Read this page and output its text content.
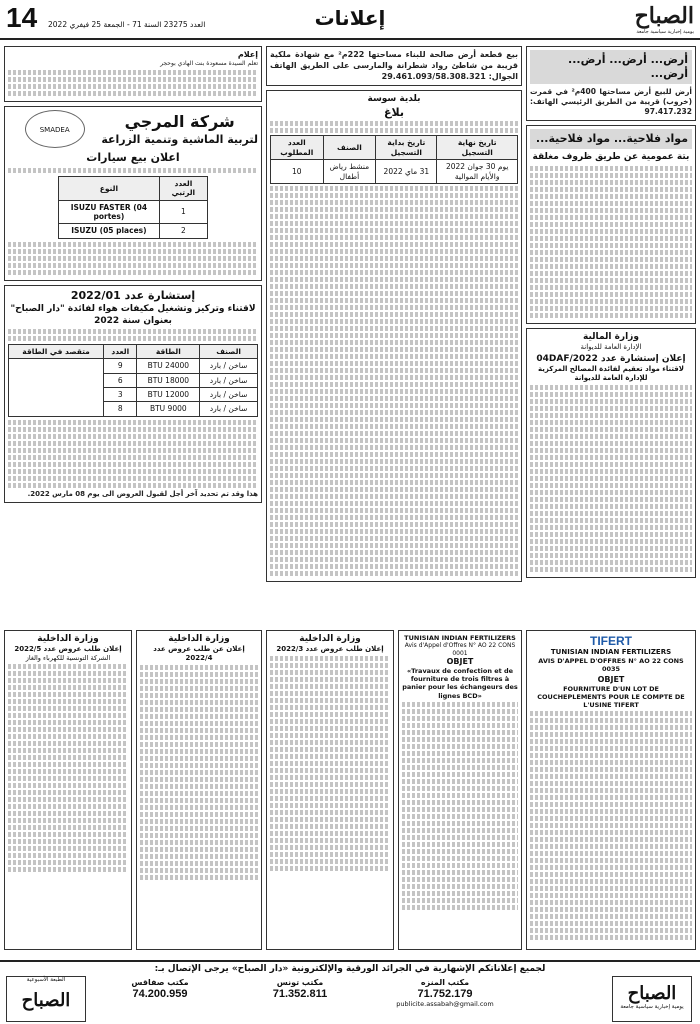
14 العدد 23275 السنة 71 - الجمعة 25 فيفري 2022	إعلانات	الصباح
يومية إخبارية سياسية جامعة
أرض... أرض... أرض... أرض...
أرض للبيع أرض مساحتها 400م² في قمرت (خروب) قريبة من الطريق الرئيسي الهاتف: 97.417.232
مواد فلاحية... مواد فلاحية...
بتة عمومية عن طريق ظروف مغلقة
وزارة المالية
الإدارة العامة للديوانة
إعلان إستشارة عدد 04DAF/2022
لاقتناء مواد تعقيم لفائدة المصالح المركزية للإدارة العامة للديوانة
بيع قطعة أرض صالحة للبناء مساحتها 222م² مع شهادة ملكية قريبة من شاطئ رواد شطرانة والمارسى على الطريق الهاتف الجوال: 29.461.093/58.308.321
بلدية سوسة
بلاغ
تاريخ نهاية التسجيل	تاريخ بداية التسجيل	الصنف	العدد المطلوب
يوم 30 جوان 2022 والأيام الموالية	31 ماي 2022	منشط رياض أطفال	10
إعلام
تعلم السيدة مسعودة بنت الهادي بوحجر
شركة المرجي
لتربية الماشية وتنمية الزراعة
SMADEA
اعلان بيع سيارات
العدد الرتبي	النوع
1	ISUZU FASTER (04 portes)
2	ISUZU (05 places)
إستشارة عدد 2022/01
لاقتناء وتركيز وتشغيل مكيفات هواء لفائدة "دار الصباح" بعنوان سنة 2022
الصنف	الطاقة	العدد	متقصد في الطاقة
ساخن / بارد	24000 BTU	9	
ساخن / بارد	18000 BTU	6	
ساخن / بارد	12000 BTU	3	
ساخن / بارد	9000 BTU	8	
هذا وقد تم تحديد آخر أجل لقبول العروض الى يوم 08 مارس 2022.
TIFERT
TUNISIAN INDIAN FERTILIZERS
AVIS D'APPEL D'OFFRES N° AO 22 CONS 0035
OBJET
FOURNITURE D'UN LOT DE COUCHEPLEMENTS POUR LE COMPTE DE L'USINE TIFERT
TUNISIAN INDIAN FERTILIZERS
Avis d'Appel d'Offres N° AO 22 CONS 0001
OBJET
«Travaux de confection et de fourniture de trois filtres à panier pour les échangeurs des lignes BCD»
وزارة الداخلية
إعلان طلب عروض عدد 2022/3
وزارة الداخلية
إعلان عن طلب عروض عدد 2022/4
وزارة الداخلية
إعلان طلب عروض عدد 2022/5
الشركة التونسية للكهرباء والغاز
لجميع إعلاناتكم الإشهارية في الجرائد الورقية والإلكترونية «دار الصباح» يرجى الإتصال بـ:
الطبعة الأسبوعية
الصباح
مكتب صفاقس
74.200.959
مكتب تونس
71.352.811
مكتب المنزه
71.752.179
publicite.assabah@gmail.com	الصباح
يومية إخبارية سياسية جامعة
